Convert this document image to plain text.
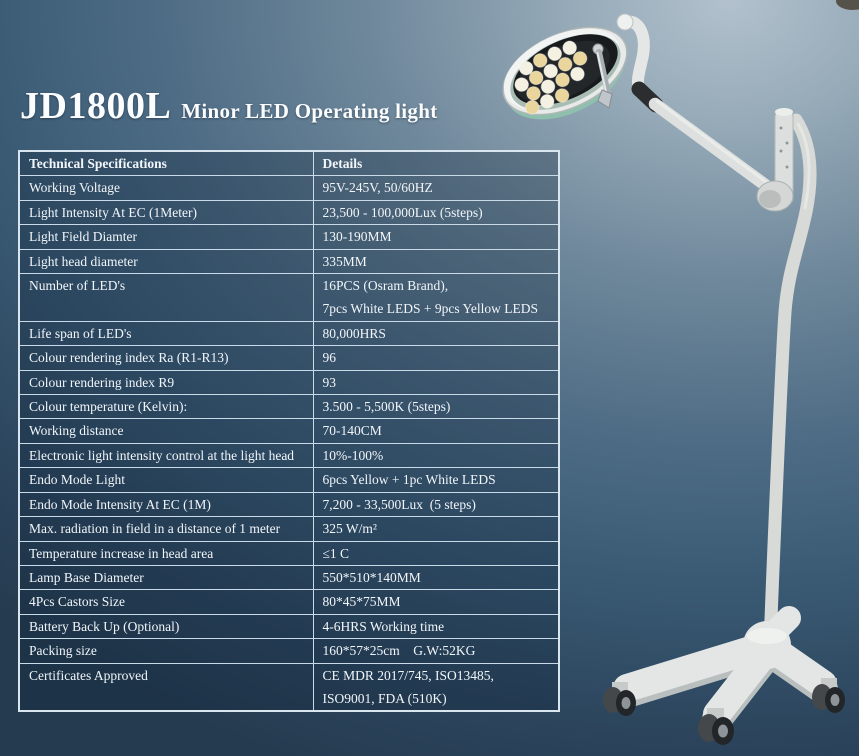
JD1800L Minor LED Operating light
Technical Specifications	Details
Working Voltage	95V-245V, 50/60HZ

Light Intensity At EC (1Meter)	23,500 - 100,000Lux (5steps)

Light Field Diamter	130-190MM

Light head diameter	335MM

Number of LED's	16PCS (Osram Brand),
7pcs White LEDS + 9pcs Yellow LEDS

Life span of LED's	80,000HRS

Colour rendering index Ra (R1-R13)	96

Colour rendering index R9	93

Colour temperature (Kelvin):	3.500 - 5,500K (5steps)

Working distance	70-140CM

Electronic light intensity control at the light head	10%-100%

Endo Mode Light	6pcs Yellow + 1pc White LEDS

Endo Mode Intensity At EC (1M)	7,200 - 33,500Lux  (5 steps)

Max. radiation in field in a distance of 1 meter	325 W/m²

Temperature increase in head area	≤1 C

Lamp Base Diameter	550*510*140MM

4Pcs Castors Size	80*45*75MM

Battery Back Up (Optional)	4-6HRS Working time

Packing size	160*57*25cm    G.W:52KG

Certificates Approved	CE MDR 2017/745, ISO13485,
ISO9001, FDA (510K)
